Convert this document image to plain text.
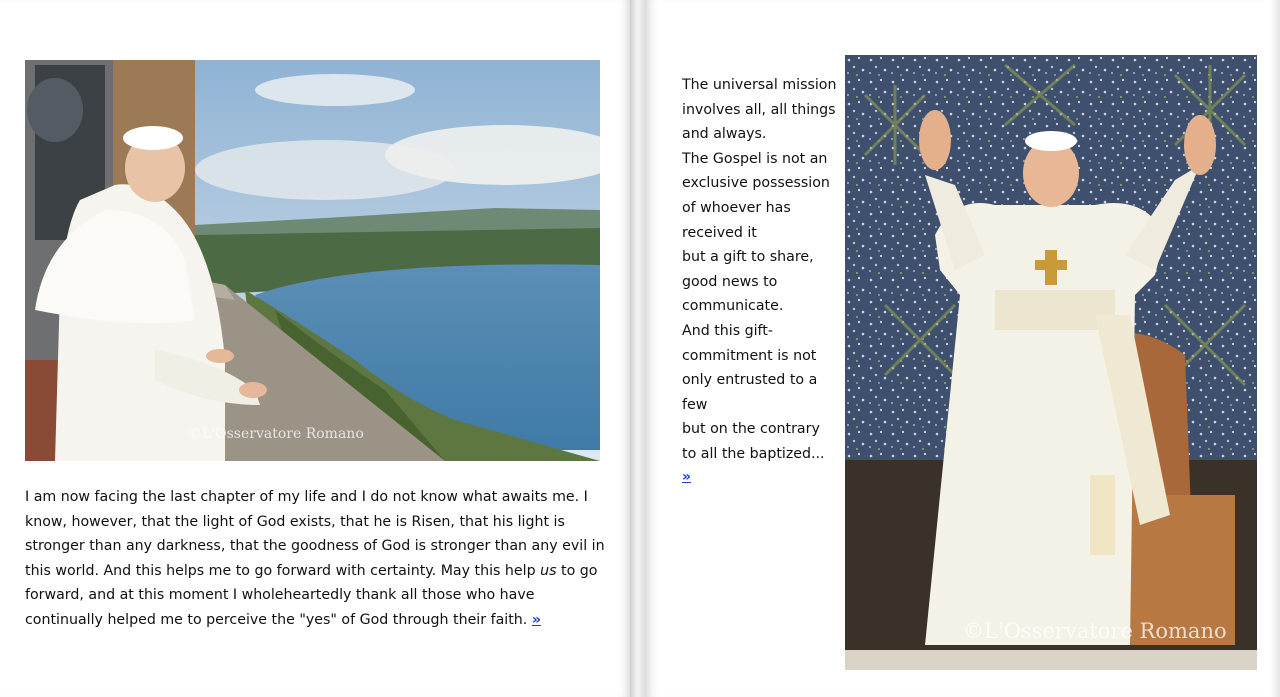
©L'Osservatore Romano
I am now facing the last chapter of my life and I do not know what awaits me. I know, however, that the light of God exists, that he is Risen, that his light is stronger than any darkness, that the goodness of God is stronger than any evil in this world. And this helps me to go forward with certainty. May this help us to go forward, and at this moment I wholeheartedly thank all those who have continually helped me to perceive the "yes" of God through their faith. »
The universal mission
involves all, all things
and always.
The Gospel is not an
exclusive possession
of whoever has
received it
but a gift to share,
good news to
communicate.
And this gift-
commitment is not
only entrusted to a
few
but on the contrary
to all the baptized...
»
©L'Osservatore Romano
